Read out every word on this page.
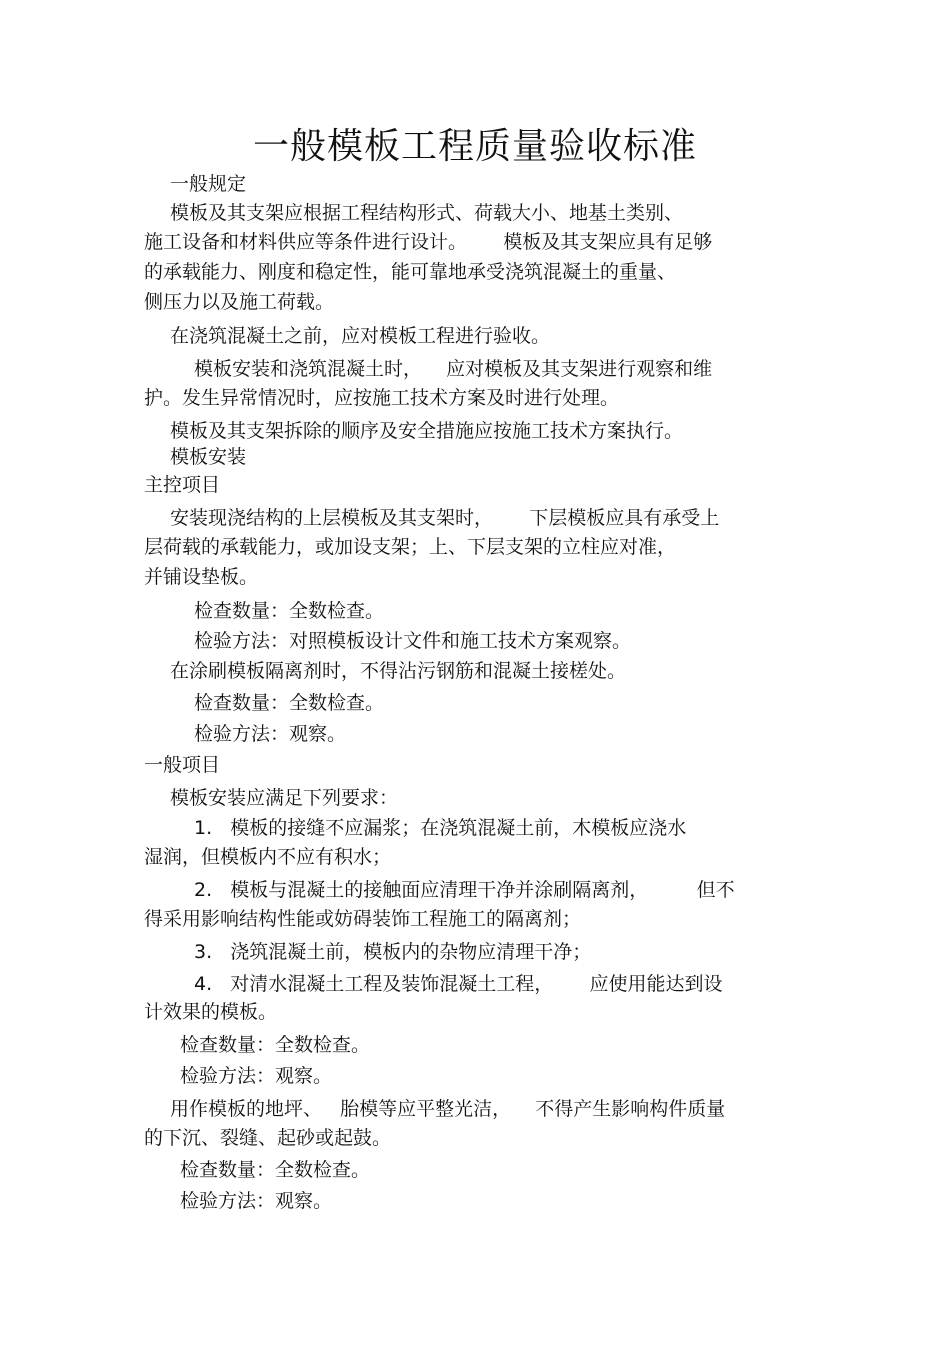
一般模板工程质量验收标准
一般规定
模板及其支架应根据工程结构形式、荷载大小、地基土类别、
施工设备和材料供应等条件进行设计。      模板及其支架应具有足够
的承载能力、刚度和稳定性，能可靠地承受浇筑混凝土的重量、
侧压力以及施工荷载。
在浇筑混凝土之前，应对模板工程进行验收。
模板安装和浇筑混凝土时，    应对模板及其支架进行观察和维
护。发生异常情况时，应按施工技术方案及时进行处理。
模板及其支架拆除的顺序及安全措施应按施工技术方案执行。
模板安装
主控项目
安装现浇结构的上层模板及其支架时，      下层模板应具有承受上
层荷载的承载能力，或加设支架；上、下层支架的立柱应对准，
并铺设垫板。
检查数量：全数检查。
检验方法：对照模板设计文件和施工技术方案观察。
在涂刷模板隔离剂时，不得沾污钢筋和混凝土接槎处。
检查数量：全数检查。
检验方法：观察。
一般项目
模板安装应满足下列要求：
1.   模板的接缝不应漏浆；在浇筑混凝土前，木模板应浇水
湿润，但模板内不应有积水；
2.   模板与混凝土的接触面应清理干净并涂刷隔离剂，        但不
得采用影响结构性能或妨碍装饰工程施工的隔离剂；
3.   浇筑混凝土前，模板内的杂物应清理干净；
4.   对清水混凝土工程及装饰混凝土工程，      应使用能达到设
计效果的模板。
检查数量：全数检查。
检验方法：观察。
用作模板的地坪、   胎模等应平整光洁，    不得产生影响构件质量
的下沉、裂缝、起砂或起鼓。
检查数量：全数检查。
检验方法：观察。
